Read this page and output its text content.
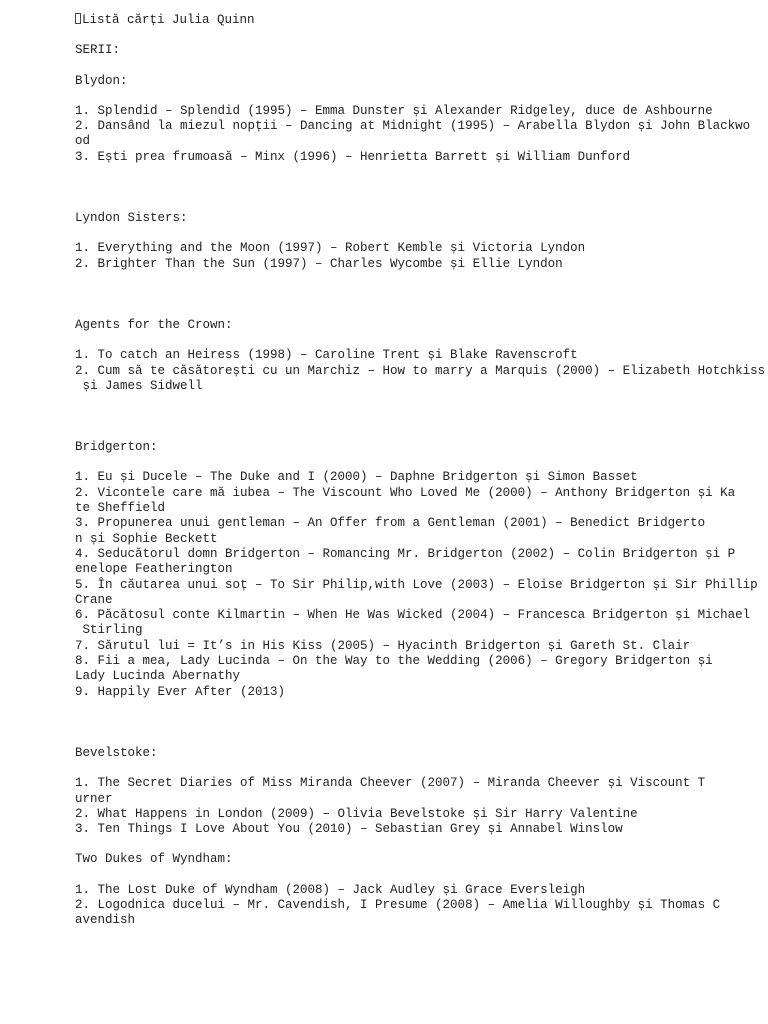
Listă cărți Julia Quinn
SERII:
Blydon:
1. Splendid – Splendid (1995) – Emma Dunster și Alexander Ridgeley, duce de Ashbourne
2. Dansând la miezul nopții – Dancing at Midnight (1995) – Arabella Blydon și John Blackwo
od
3. Ești prea frumoasă – Minx (1996) – Henrietta Barrett și William Dunford
Lyndon Sisters:
1. Everything and the Moon (1997) – Robert Kemble și Victoria Lyndon
2. Brighter Than the Sun (1997) – Charles Wycombe și Ellie Lyndon
Agents for the Crown:
1. To catch an Heiress (1998) – Caroline Trent și Blake Ravenscroft
2. Cum să te căsătorești cu un Marchiz – How to marry a Marquis (2000) – Elizabeth Hotchkiss
și James Sidwell
Bridgerton:
1. Eu și Ducele – The Duke and I (2000) – Daphne Bridgerton și Simon Basset
2. Vicontele care mă iubea – The Viscount Who Loved Me (2000) – Anthony Bridgerton și Ka
te Sheffield
3. Propunerea unui gentleman – An Offer from a Gentleman (2001) – Benedict Bridgerto
n și Sophie Beckett
4. Seducătorul domn Bridgerton – Romancing Mr. Bridgerton (2002) – Colin Bridgerton și P
enelope Featherington
5. În căutarea unui soț – To Sir Philip,with Love (2003) – Eloise Bridgerton și Sir Phillip
Crane
6. Păcătosul conte Kilmartin – When He Was Wicked (2004) – Francesca Bridgerton și Michael
Stirling
7. Sărutul lui = It’s in His Kiss (2005) – Hyacinth Bridgerton și Gareth St. Clair
8. Fii a mea, Lady Lucinda – On the Way to the Wedding (2006) – Gregory Bridgerton și
Lady Lucinda Abernathy
9. Happily Ever After (2013)
Bevelstoke:
1. The Secret Diaries of Miss Miranda Cheever (2007) – Miranda Cheever și Viscount T
urner
2. What Happens in London (2009) – Olivia Bevelstoke și Sir Harry Valentine
3. Ten Things I Love About You (2010) – Sebastian Grey și Annabel Winslow
Two Dukes of Wyndham:
1. The Lost Duke of Wyndham (2008) – Jack Audley și Grace Eversleigh
2. Logodnica ducelui – Mr. Cavendish, I Presume (2008) – Amelia Willoughby și Thomas C
avendish
